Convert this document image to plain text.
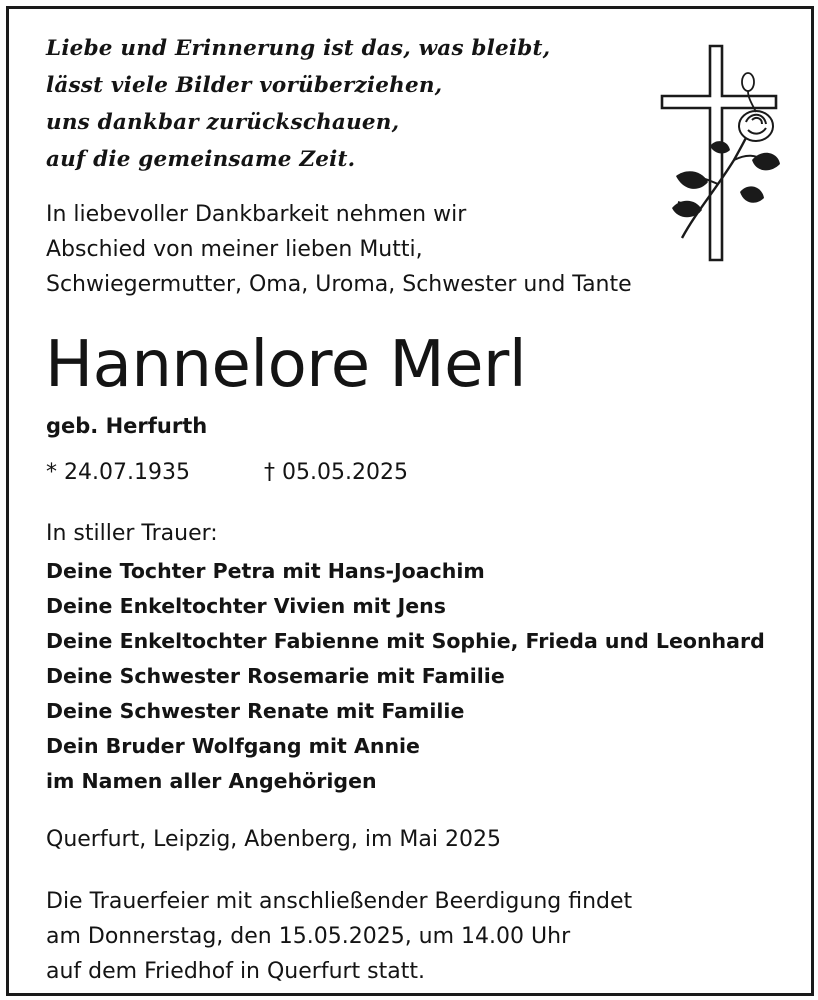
Liebe und Erinnerung ist das, was bleibt,
lässt viele Bilder vorüberziehen,
uns dankbar zurückschauen,
auf die gemeinsame Zeit.
In liebevoller Dankbarkeit nehmen wir
Abschied von meiner lieben Mutti,
Schwiegermutter, Oma, Uroma, Schwester und Tante
Hannelore Merl
geb. Herfurth
* 24.07.1935	† 05.05.2025
In stiller Trauer:
Deine Tochter Petra mit Hans-Joachim
Deine Enkeltochter Vivien mit Jens
Deine Enkeltochter Fabienne mit Sophie, Frieda und Leonhard
Deine Schwester Rosemarie mit Familie
Deine Schwester Renate mit Familie
Dein Bruder Wolfgang mit Annie
im Namen aller Angehörigen
Querfurt, Leipzig, Abenberg, im Mai 2025
Die Trauerfeier mit anschließender Beerdigung findet
am Donnerstag, den 15.05.2025, um 14.00 Uhr
auf dem Friedhof in Querfurt statt.
